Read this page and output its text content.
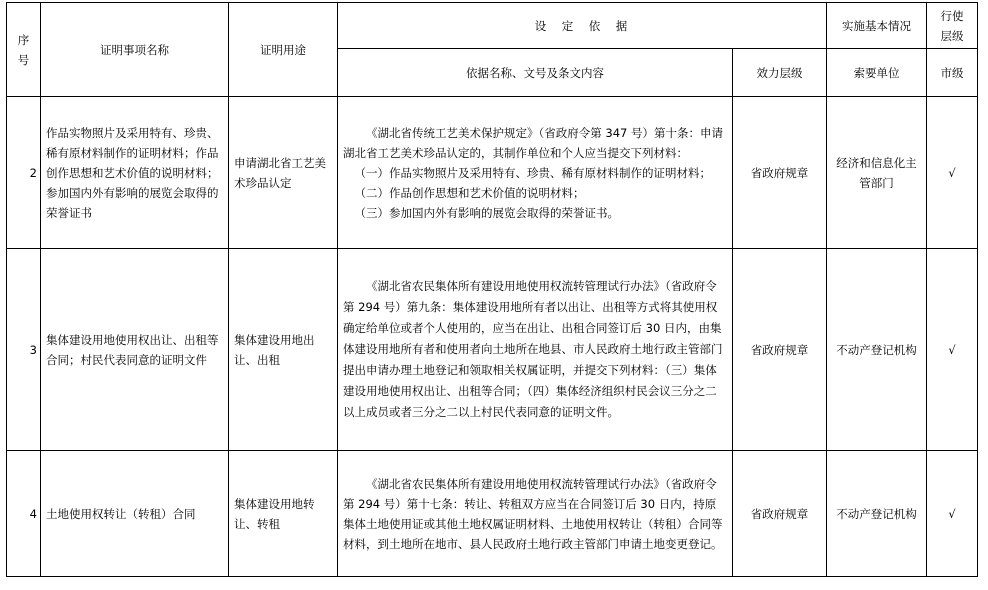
序号	证明事项名称	证明用途	设　定　依　据		实施基本情况	行使层级
			依据名称、文号及条文内容	效力层级	索要单位	市级
2	作品实物照片及采用特有、珍贵、稀有原材料制作的证明材料；作品创作思想和艺术价值的说明材料；参加国内外有影响的展览会取得的荣誉证书	申请湖北省工艺美术珍品认定	《湖北省传统工艺美术保护规定》（省政府令第 347 号）第十条：申请湖北省工艺美术珍品认定的，其制作单位和个人应当提交下列材料：

（一）作品实物照片及采用特有、珍贵、稀有原材料制作的证明材料；

（二）作品创作思想和艺术价值的说明材料；

（三）参加国内外有影响的展览会取得的荣誉证书。	省政府规章	经济和信息化主管部门	√
3	集体建设用地使用权出让、出租等合同；村民代表同意的证明文件	集体建设用地出让、出租	《湖北省农民集体所有建设用地使用权流转管理试行办法》（省政府令第 294 号）第九条：集体建设用地所有者以出让、出租等方式将其使用权确定给单位或者个人使用的，应当在出让、出租合同签订后 30 日内，由集体建设用地所有者和使用者向土地所在地县、市人民政府土地行政主管部门提出申请办理土地登记和领取相关权属证明，并提交下列材料：（三）集体建设用地使用权出让、出租等合同；（四）集体经济组织村民会议三分之二以上成员或者三分之二以上村民代表同意的证明文件。	省政府规章	不动产登记机构	√
4	土地使用权转让（转租）合同	集体建设用地转让、转租	《湖北省农民集体所有建设用地使用权流转管理试行办法》（省政府令第 294 号）第十七条：转让、转租双方应当在合同签订后 30 日内，持原集体土地使用证或其他土地权属证明材料、土地使用权转让（转租）合同等材料，到土地所在地市、县人民政府土地行政主管部门申请土地变更登记。	省政府规章	不动产登记机构	√
